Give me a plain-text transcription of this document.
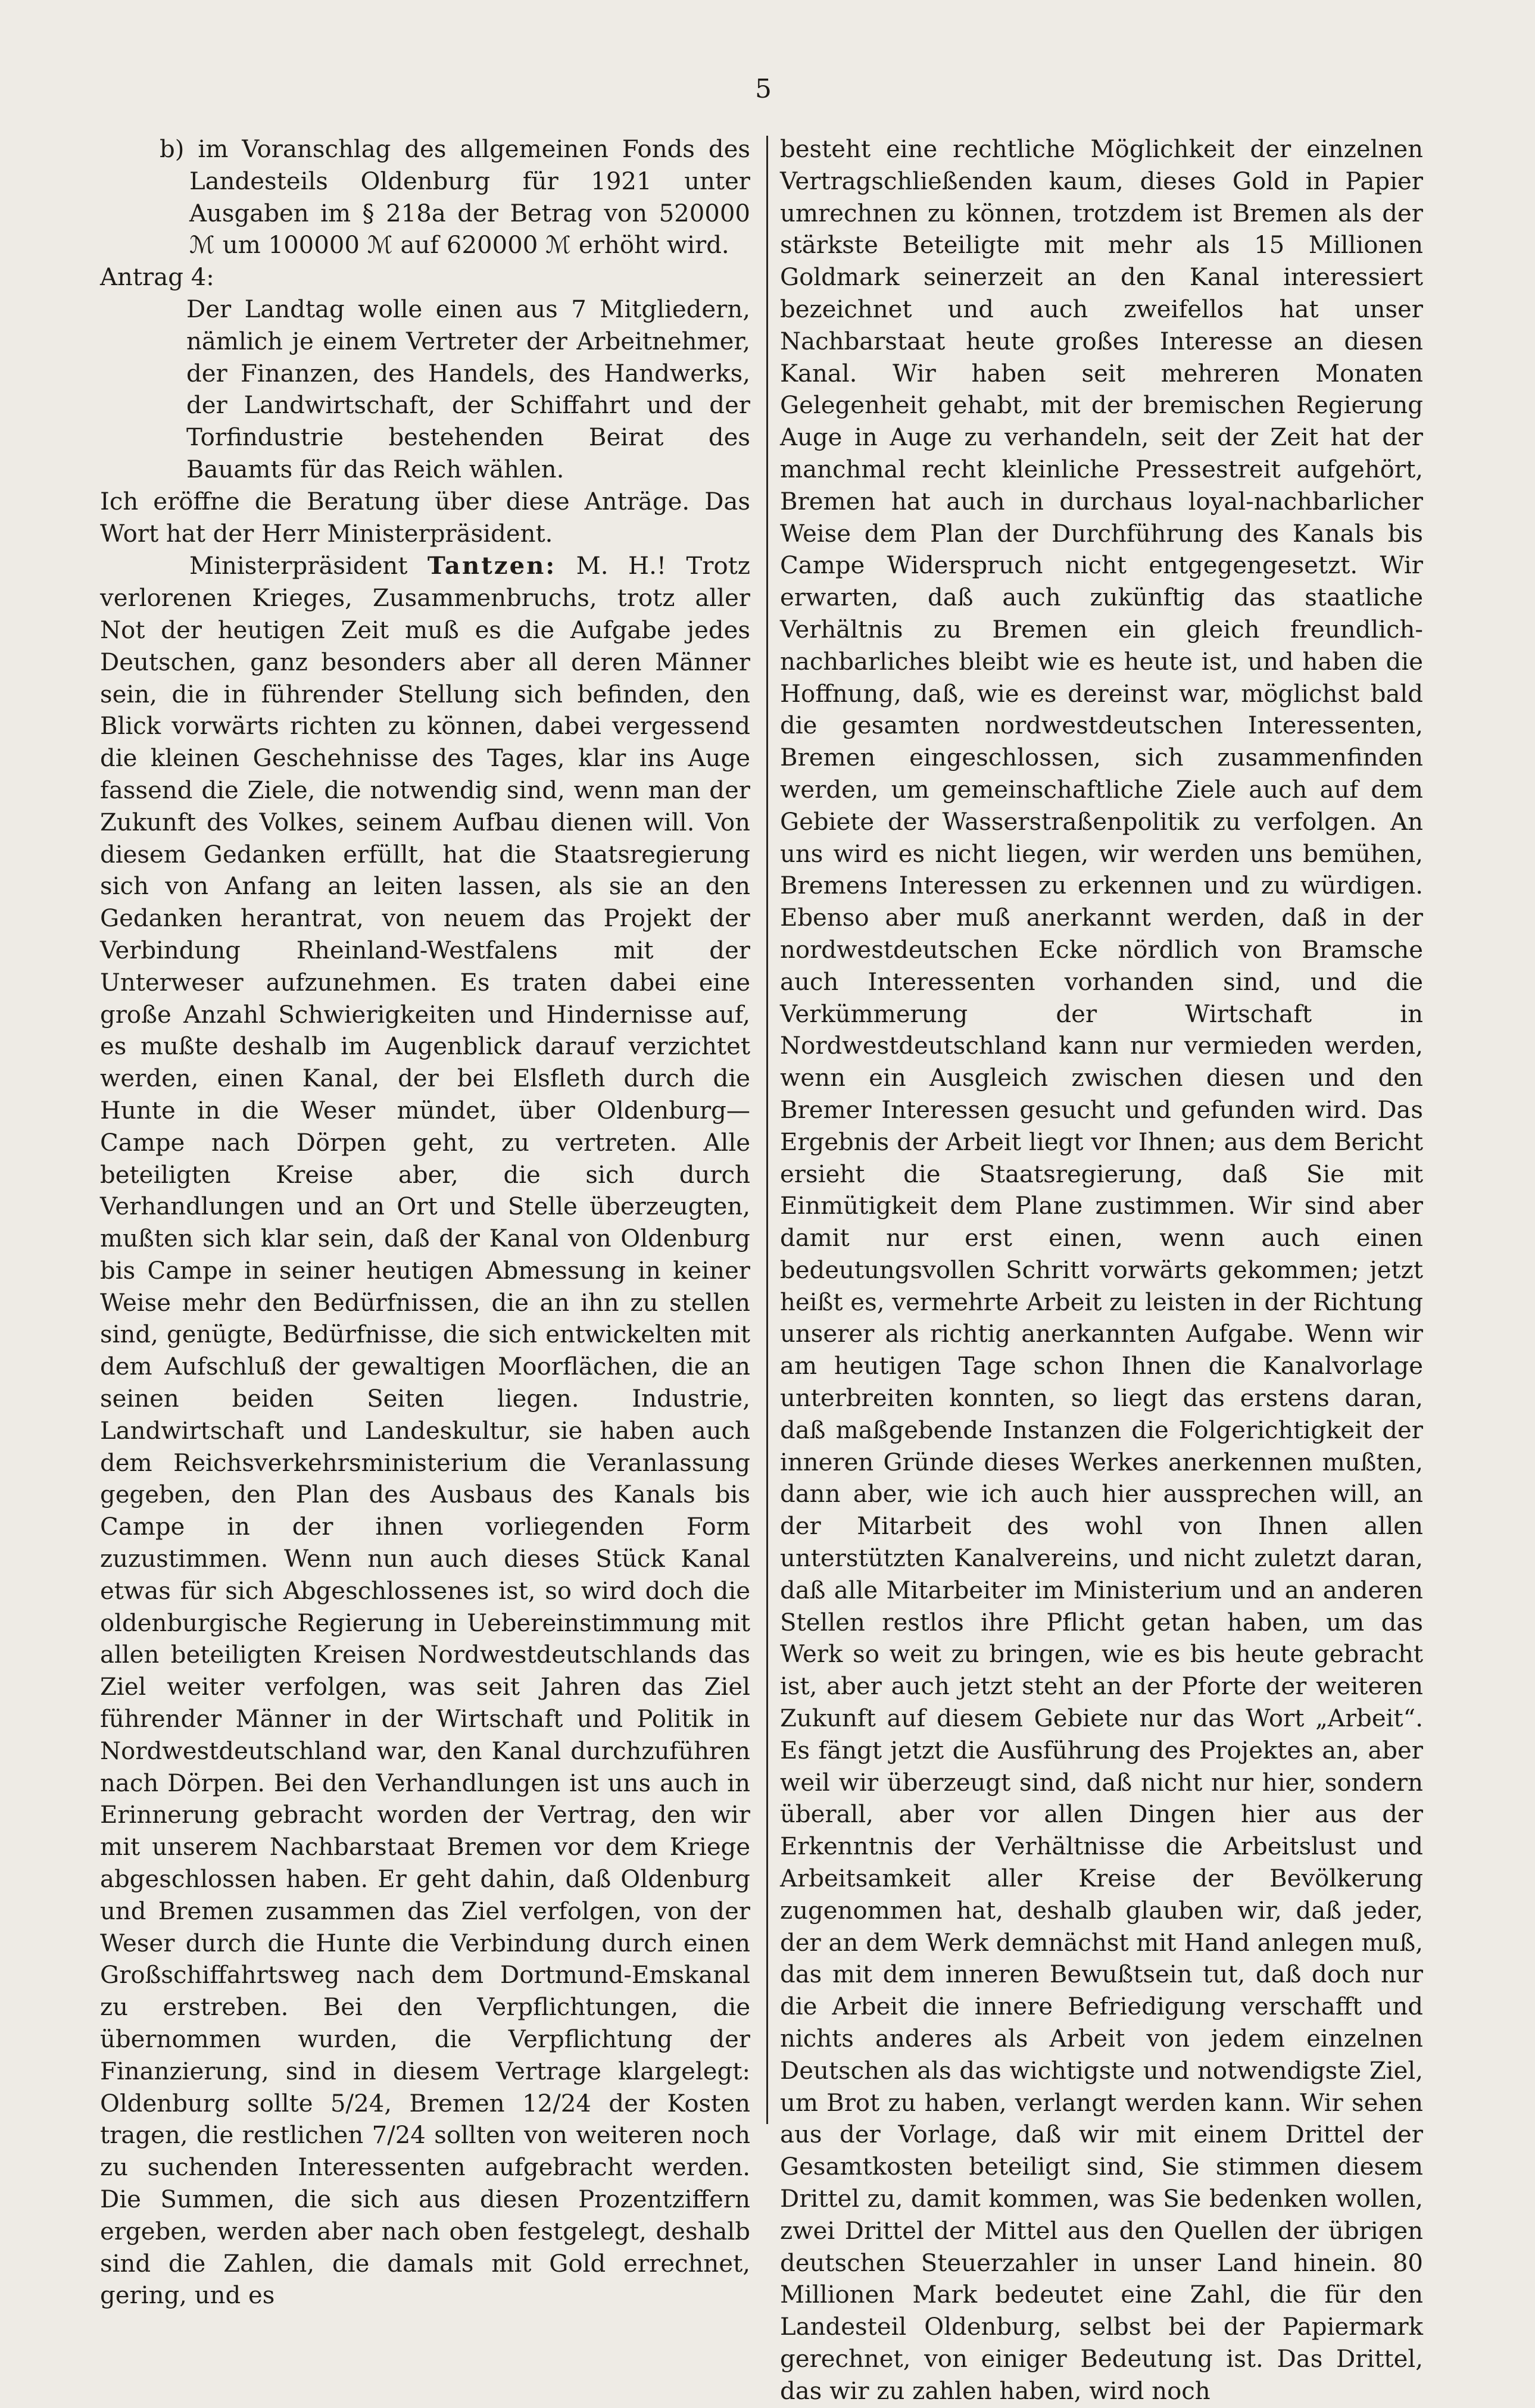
5

b) im Voranschlag des allgemeinen Fonds des Landesteils Oldenburg für 1921 unter Ausgaben im § 218a der Betrag von 520000 ℳ um 100000 ℳ auf 620000 ℳ erhöht wird.

Antrag 4:

Der Landtag wolle einen aus 7 Mitgliedern, nämlich je einem Vertreter der Arbeitnehmer, der Finanzen, des Handels, des Handwerks, der Landwirtschaft, der Schiffahrt und der Torfindustrie bestehenden Beirat des Bauamts für das Reich wählen.

Ich eröffne die Beratung über diese Anträge. Das Wort hat der Herr Ministerpräsident.

Ministerpräsident Tantzen: M. H.! Trotz verlorenen Krieges, Zusammenbruchs, trotz aller Not der heutigen Zeit muß es die Aufgabe jedes Deutschen, ganz besonders aber all deren Männer sein, die in führender Stellung sich befinden, den Blick vorwärts richten zu können, dabei vergessend die kleinen Geschehnisse des Tages, klar ins Auge fassend die Ziele, die notwendig sind, wenn man der Zukunft des Volkes, seinem Aufbau dienen will. Von diesem Gedanken erfüllt, hat die Staatsregierung sich von Anfang an leiten lassen, als sie an den Gedanken herantrat, von neuem das Projekt der Verbindung Rheinland-Westfalens mit der Unterweser aufzunehmen. Es traten dabei eine große Anzahl Schwierigkeiten und Hindernisse auf, es mußte deshalb im Augenblick darauf verzichtet werden, einen Kanal, der bei Elsfleth durch die Hunte in die Weser mündet, über Oldenburg—Campe nach Dörpen geht, zu vertreten. Alle beteiligten Kreise aber, die sich durch Verhandlungen und an Ort und Stelle überzeugten, mußten sich klar sein, daß der Kanal von Oldenburg bis Campe in seiner heutigen Abmessung in keiner Weise mehr den Bedürfnissen, die an ihn zu stellen sind, genügte, Bedürfnisse, die sich entwickelten mit dem Aufschluß der gewaltigen Moorflächen, die an seinen beiden Seiten liegen. Industrie, Landwirtschaft und Landeskultur, sie haben auch dem Reichsverkehrsministerium die Veranlassung gegeben, den Plan des Ausbaus des Kanals bis Campe in der ihnen vorliegenden Form zuzustimmen. Wenn nun auch dieses Stück Kanal etwas für sich Abgeschlossenes ist, so wird doch die oldenburgische Regierung in Uebereinstimmung mit allen beteiligten Kreisen Nordwestdeutschlands das Ziel weiter verfolgen, was seit Jahren das Ziel führender Männer in der Wirtschaft und Politik in Nordwestdeutschland war, den Kanal durchzuführen nach Dörpen. Bei den Verhandlungen ist uns auch in Erinnerung gebracht worden der Vertrag, den wir mit unserem Nachbarstaat Bremen vor dem Kriege abgeschlossen haben. Er geht dahin, daß Oldenburg und Bremen zusammen das Ziel verfolgen, von der Weser durch die Hunte die Verbindung durch einen Großschiffahrtsweg nach dem Dortmund-Emskanal zu erstreben. Bei den Verpflichtungen, die übernommen wurden, die Verpflichtung der Finanzierung, sind in diesem Vertrage klargelegt: Oldenburg sollte 5/24, Bremen 12/24 der Kosten tragen, die restlichen 7/24 sollten von weiteren noch zu suchenden Interessenten aufgebracht werden. Die Summen, die sich aus diesen Prozentziffern ergeben, werden aber nach oben festgelegt, deshalb sind die Zahlen, die damals mit Gold errechnet, gering, und es

besteht eine rechtliche Möglichkeit der einzelnen Vertragschließenden kaum, dieses Gold in Papier umrechnen zu können, trotzdem ist Bremen als der stärkste Beteiligte mit mehr als 15 Millionen Goldmark seinerzeit an den Kanal interessiert bezeichnet und auch zweifellos hat unser Nachbarstaat heute großes Interesse an diesen Kanal. Wir haben seit mehreren Monaten Gelegenheit gehabt, mit der bremischen Regierung Auge in Auge zu verhandeln, seit der Zeit hat der manchmal recht kleinliche Pressestreit aufgehört, Bremen hat auch in durchaus loyal-nachbarlicher Weise dem Plan der Durchführung des Kanals bis Campe Widerspruch nicht entgegengesetzt. Wir erwarten, daß auch zukünftig das staatliche Verhältnis zu Bremen ein gleich freundlich-nachbarliches bleibt wie es heute ist, und haben die Hoffnung, daß, wie es dereinst war, möglichst bald die gesamten nordwestdeutschen Interessenten, Bremen eingeschlossen, sich zusammenfinden werden, um gemeinschaftliche Ziele auch auf dem Gebiete der Wasserstraßenpolitik zu verfolgen. An uns wird es nicht liegen, wir werden uns bemühen, Bremens Interessen zu erkennen und zu würdigen. Ebenso aber muß anerkannt werden, daß in der nordwestdeutschen Ecke nördlich von Bramsche auch Interessenten vorhanden sind, und die Verkümmerung der Wirtschaft in Nordwestdeutschland kann nur vermieden werden, wenn ein Ausgleich zwischen diesen und den Bremer Interessen gesucht und gefunden wird. Das Ergebnis der Arbeit liegt vor Ihnen; aus dem Bericht ersieht die Staatsregierung, daß Sie mit Einmütigkeit dem Plane zustimmen. Wir sind aber damit nur erst einen, wenn auch einen bedeutungsvollen Schritt vorwärts gekommen; jetzt heißt es, vermehrte Arbeit zu leisten in der Richtung unserer als richtig anerkannten Aufgabe. Wenn wir am heutigen Tage schon Ihnen die Kanalvorlage unterbreiten konnten, so liegt das erstens daran, daß maßgebende Instanzen die Folgerichtigkeit der inneren Gründe dieses Werkes anerkennen mußten, dann aber, wie ich auch hier aussprechen will, an der Mitarbeit des wohl von Ihnen allen unterstützten Kanalvereins, und nicht zuletzt daran, daß alle Mitarbeiter im Ministerium und an anderen Stellen restlos ihre Pflicht getan haben, um das Werk so weit zu bringen, wie es bis heute gebracht ist, aber auch jetzt steht an der Pforte der weiteren Zukunft auf diesem Gebiete nur das Wort „Arbeit“. Es fängt jetzt die Ausführung des Projektes an, aber weil wir überzeugt sind, daß nicht nur hier, sondern überall, aber vor allen Dingen hier aus der Erkenntnis der Verhältnisse die Arbeitslust und Arbeitsamkeit aller Kreise der Bevölkerung zugenommen hat, deshalb glauben wir, daß jeder, der an dem Werk demnächst mit Hand anlegen muß, das mit dem inneren Bewußtsein tut, daß doch nur die Arbeit die innere Befriedigung verschafft und nichts anderes als Arbeit von jedem einzelnen Deutschen als das wichtigste und notwendigste Ziel, um Brot zu haben, verlangt werden kann. Wir sehen aus der Vorlage, daß wir mit einem Drittel der Gesamtkosten beteiligt sind, Sie stimmen diesem Drittel zu, damit kommen, was Sie bedenken wollen, zwei Drittel der Mittel aus den Quellen der übrigen deutschen Steuerzahler in unser Land hinein. 80 Millionen Mark bedeutet eine Zahl, die für den Landesteil Oldenburg, selbst bei der Papiermark gerechnet, von einiger Bedeutung ist. Das Drittel, das wir zu zahlen haben, wird noch
